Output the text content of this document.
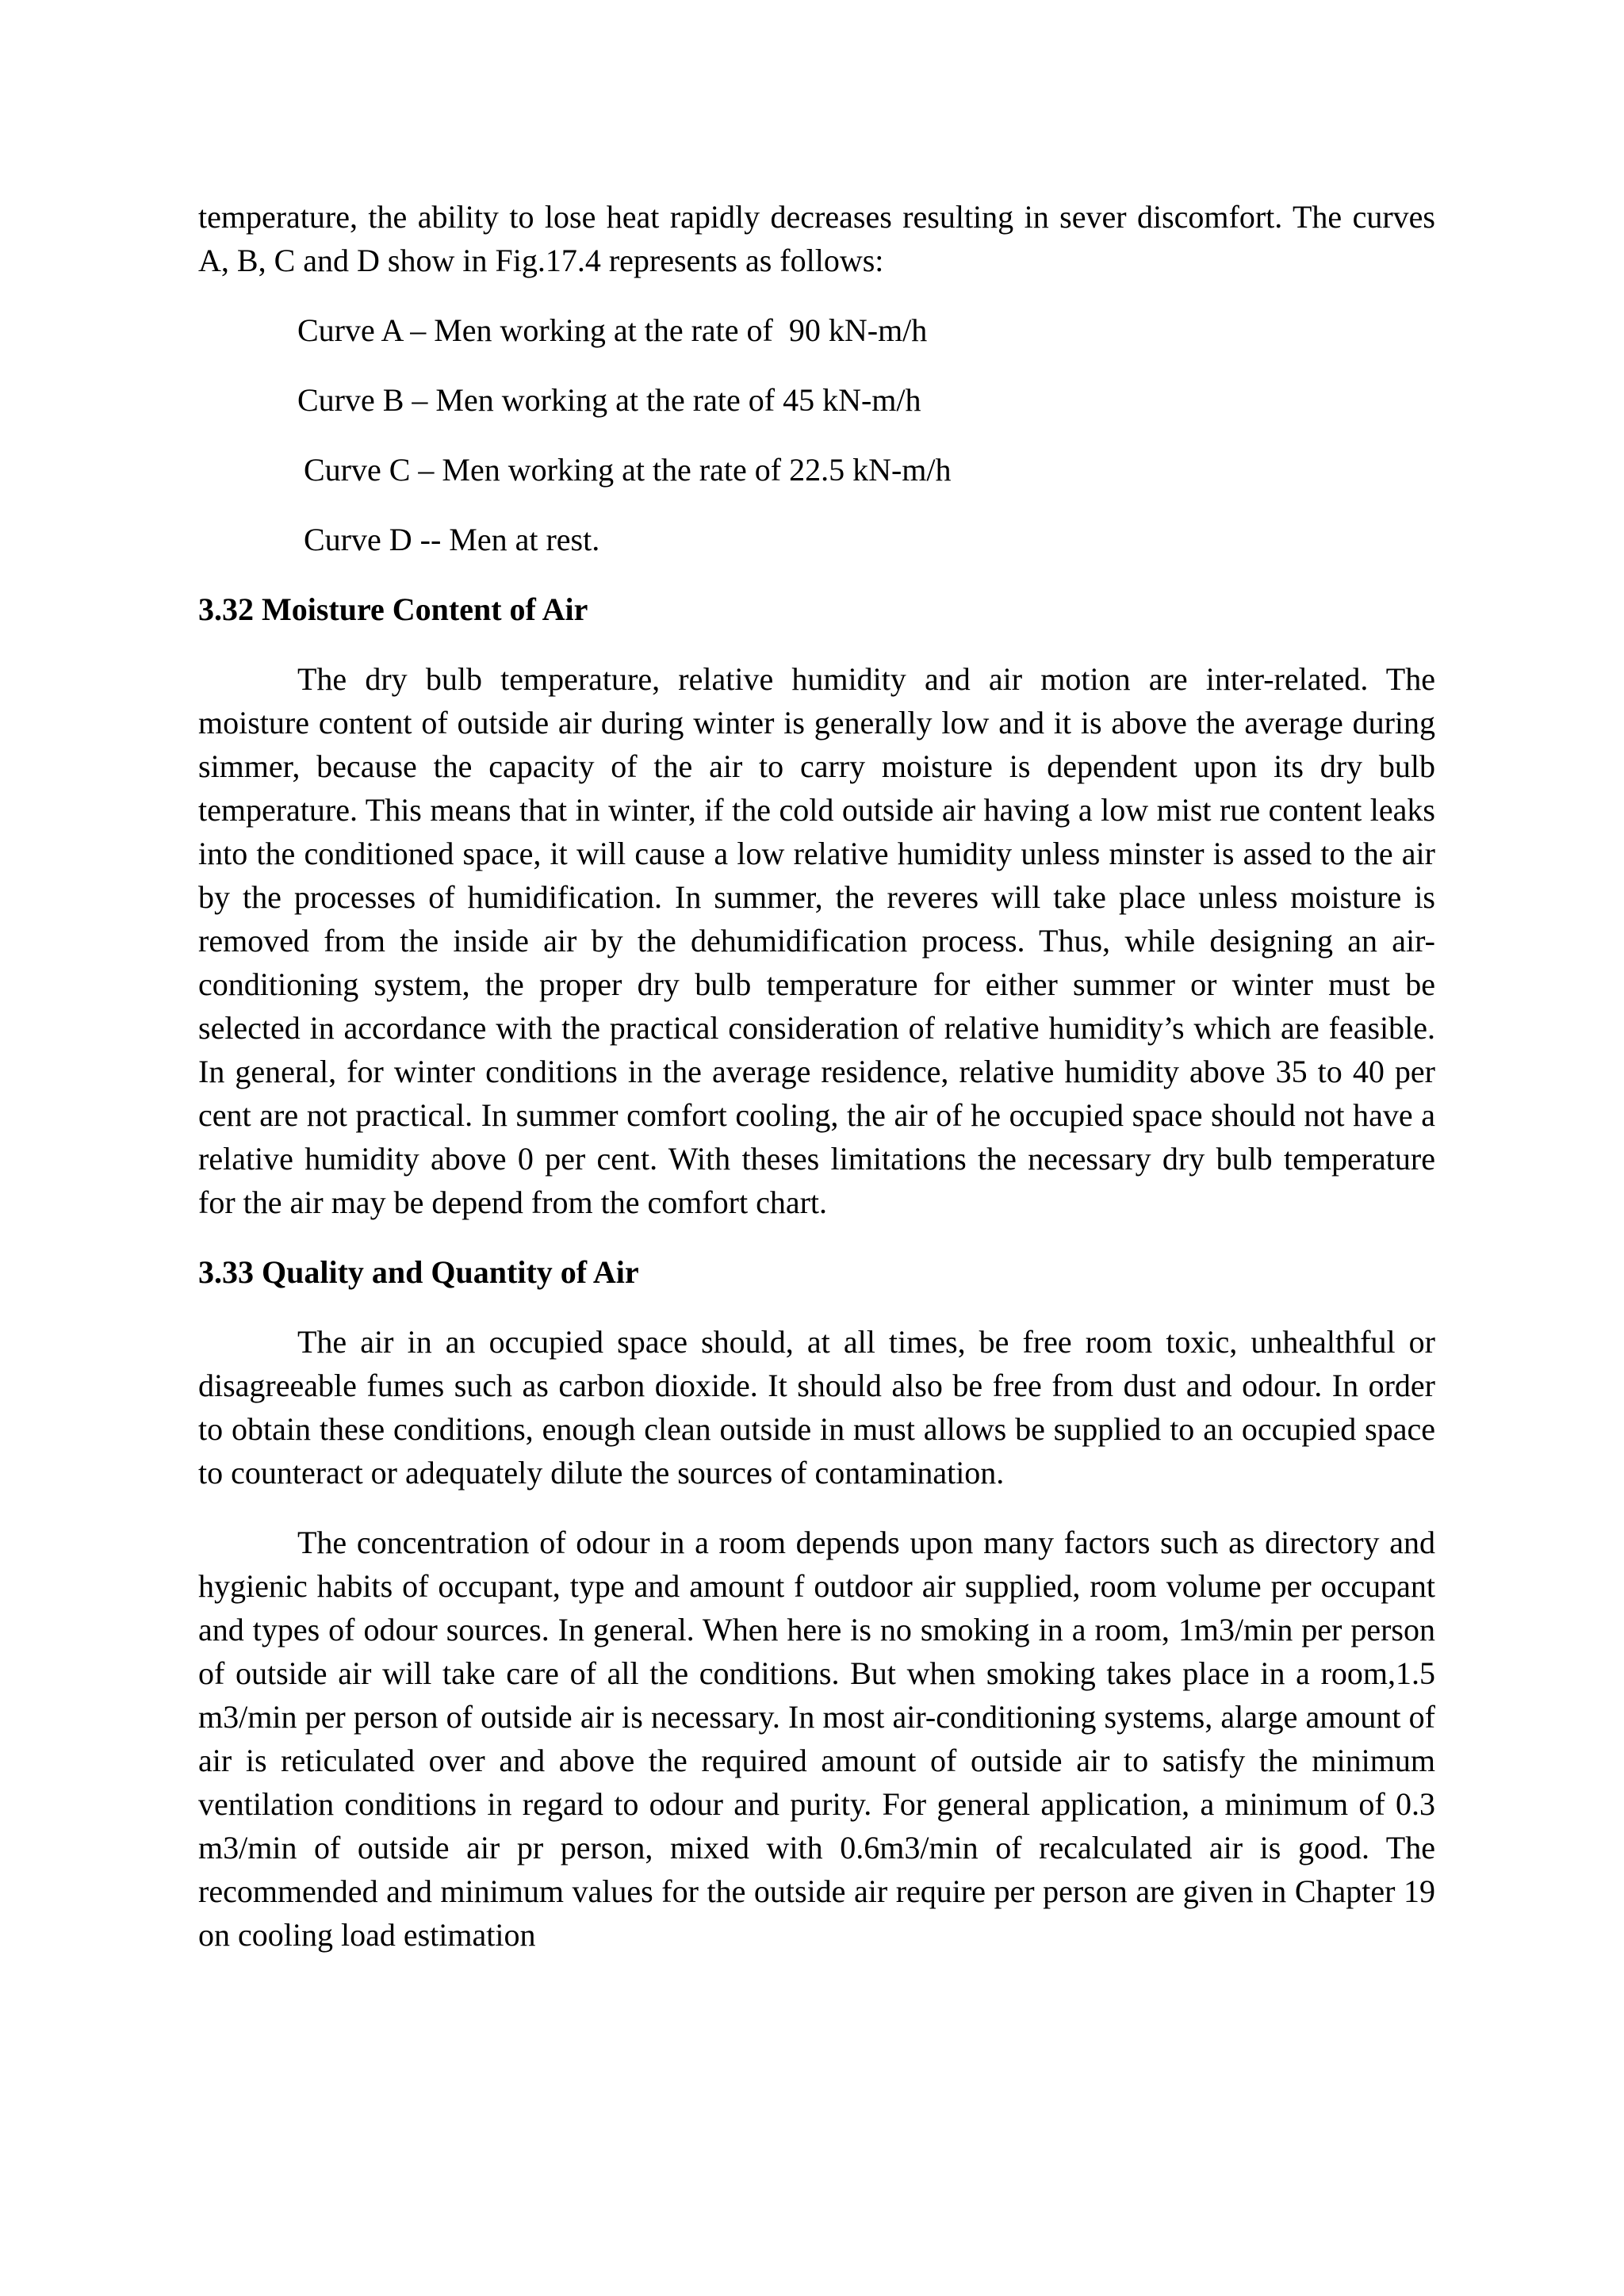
temperature, the ability to lose heat rapidly decreases resulting in sever discomfort. The curves A, B, C and D show in Fig.17.4 represents as follows:

Curve A – Men working at the rate of  90 kN-m/h

Curve B – Men working at the rate of 45 kN-m/h

Curve C – Men working at the rate of 22.5 kN-m/h

Curve D -- Men at rest.

3.32 Moisture Content of Air

The dry bulb temperature, relative humidity and air motion are inter-related. The moisture content of outside air during winter is generally low and it is above the average during simmer, because the capacity of the air to carry moisture is dependent upon its dry bulb temperature. This means that in winter, if the cold outside air having a low mist rue content leaks into the conditioned space, it will cause a low relative humidity unless minster is assed to the air by the processes of humidification. In summer, the reveres will take place unless moisture is removed from the inside air by the dehumidification process. Thus, while designing an air-conditioning system, the proper dry bulb temperature for either summer or winter must be selected in accordance with the practical consideration of relative humidity’s which are feasible. In general, for winter conditions in the average residence, relative humidity above 35 to 40 per cent are not practical. In summer comfort cooling, the air of he occupied space should not have a relative humidity above 0 per cent. With theses limitations the necessary dry bulb temperature for the air may be depend from the comfort chart.

3.33 Quality and Quantity of Air

The air in an occupied space should, at all times, be free room toxic, unhealthful or disagreeable fumes such as carbon dioxide. It should also be free from dust and odour. In order to obtain these conditions, enough clean outside in must allows be supplied to an occupied space to counteract or adequately dilute the sources of contamination.

The concentration of odour in a room depends upon many factors such as directory and hygienic habits of occupant, type and amount f outdoor air supplied, room volume per occupant and types of odour sources. In general. When here is no smoking in a room, 1m3/min per person of outside air will take care of all the conditions. But when smoking takes place in a room,1.5 m3/min per person of outside air is necessary. In most air-conditioning systems, alarge amount of air is reticulated over and above the required amount of outside air to satisfy the minimum ventilation conditions in regard to odour and purity. For general application, a minimum of 0.3 m3/min of outside air pr person, mixed with 0.6m3/min of recalculated air is good. The recommended and minimum values for the outside air require per person are given in Chapter 19 on cooling load estimation
